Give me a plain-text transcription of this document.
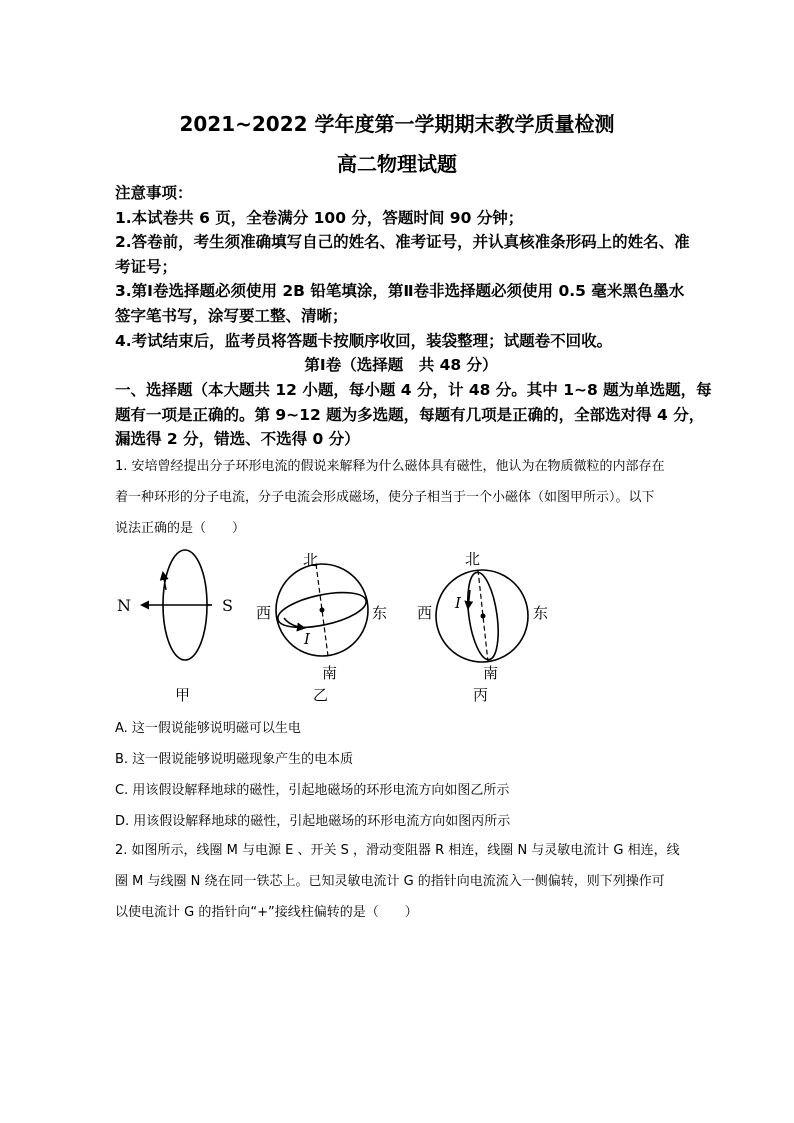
2021~2022 学年度第一学期期末教学质量检测
高二物理试题
注意事项：
1.本试卷共 6 页，全卷满分 100 分，答题时间 90 分钟；
2.答卷前，考生须准确填写自己的姓名、准考证号，并认真核准条形码上的姓名、准
考证号；
3.第Ⅰ卷选择题必须使用 2B 铅笔填涂，第Ⅱ卷非选择题必须使用 0.5 毫米黑色墨水
签字笔书写，涂写要工整、清晰；
4.考试结束后，监考员将答题卡按顺序收回，装袋整理；试题卷不回收。
第Ⅰ卷（选择题　共 48 分）
一、选择题（本大题共 12 小题，每小题 4 分，计 48 分。其中 1~8 题为单选题，每
题有一项是正确的。第 9~12 题为多选题，每题有几项是正确的，全部选对得 4 分，
漏选得 2 分，错选、不选得 0 分）
1. 安培曾经提出分子环形电流的假说来解释为什么磁体具有磁性，他认为在物质微粒的内部存在
着一种环形的分子电流，分子电流会形成磁场，使分子相当于一个小磁体（如图甲所示）。以下
说法正确的是（　　）
N	S
甲
北
南
西	东
I
乙
北
南
西	东
I
丙
A. 这一假说能够说明磁可以生电
B. 这一假说能够说明磁现象产生的电本质
C. 用该假设解释地球的磁性，引起地磁场的环形电流方向如图乙所示
D. 用该假设解释地球的磁性，引起地磁场的环形电流方向如图丙所示
2. 如图所示，线圈 M 与电源 E 、开关 S ，滑动变阻器 R 相连，线圈 N 与灵敏电流计 G 相连，线
圈 M 与线圈 N 绕在同一铁芯上。已知灵敏电流计 G 的指针向电流流入一侧偏转，则下列操作可
以使电流计 G 的指针向“+”接线柱偏转的是（　　）
